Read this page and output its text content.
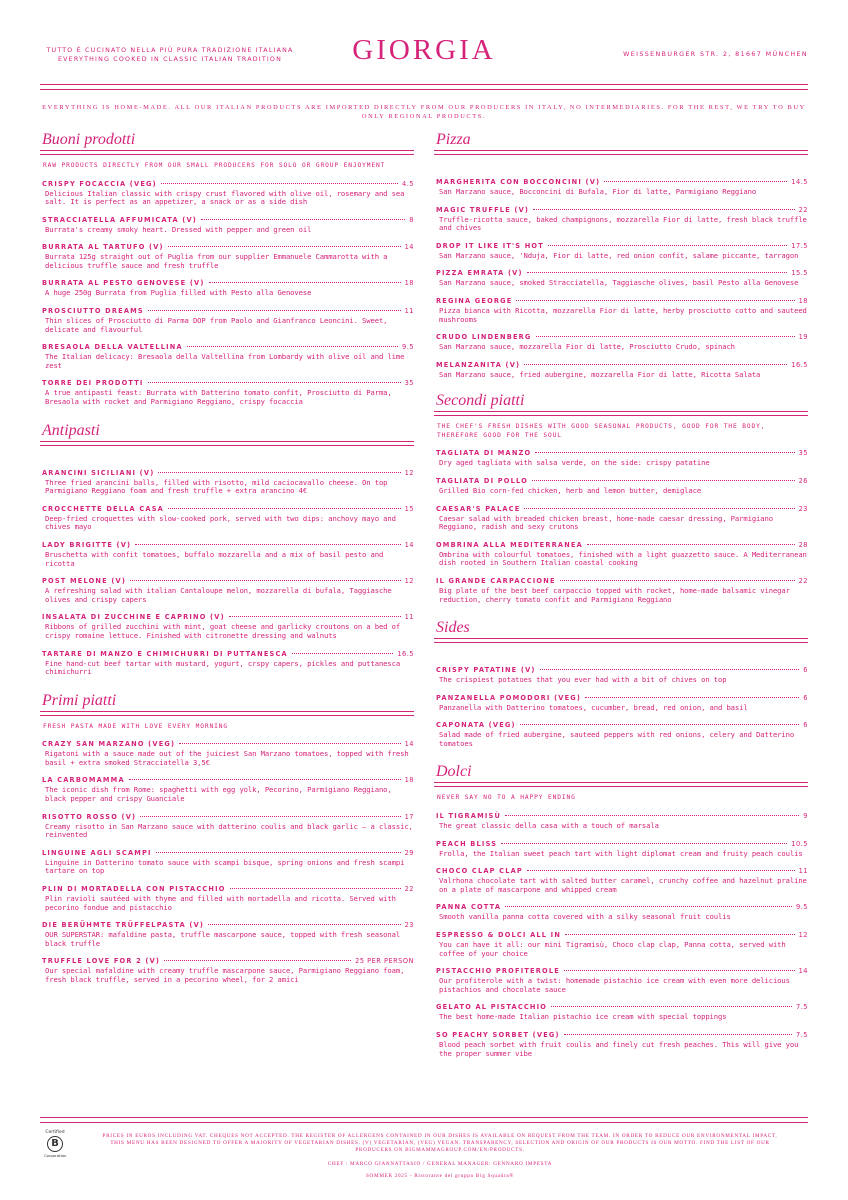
TUTTO È CUCINATO NELLA PIÙ PURA TRADIZIONE ITALIANA
EVERYTHING COOKED IN CLASSIC ITALIAN TRADITION	GIORGIA	WEISSENBURGER STR. 2, 81667 MÜNCHEN
EVERYTHING IS HOME-MADE. ALL OUR ITALIAN PRODUCTS ARE IMPORTED DIRECTLY FROM OUR PRODUCERS IN ITALY, NO INTERMEDIARIES. FOR THE REST, WE TRY TO BUY ONLY REGIONAL PRODUCTS.
Buoni prodotti
RAW PRODUCTS DIRECTLY FROM OUR SMALL PRODUCERS FOR SOLO OR GROUP ENJOYMENT
CRISPY FOCACCIA (VEG)	4.5
Delicious Italian classic with crispy crust flavored with olive oil, rosemary and sea salt. It is perfect as an appetizer, a snack or as a side dish
STRACCIATELLA AFFUMICATA (V)	8
Burrata's creamy smoky heart. Dressed with pepper and green oil
BURRATA AL TARTUFO (V)	14
Burrata 125g straight out of Puglia from our supplier Emmanuele Cammarotta with a delicious truffle sauce and fresh truffle
BURRATA AL PESTO GENOVESE (V)	18
A huge 250g Burrata from Puglia filled with Pesto alla Genovese
PROSCIUTTO DREAMS	11
Thin slices of Prosciutto di Parma DOP from Paolo and Gianfranco Leoncini. Sweet, delicate and flavourful
BRESAOLA DELLA VALTELLINA	9.5
The Italian delicacy: Bresaola della Valtellina from Lombardy with olive oil and lime zest
TORRE DEI PRODOTTI	35
A true antipasti feast: Burrata with Datterino tomato confit, Prosciutto di Parma, Bresaola with rocket and Parmigiano Reggiano, crispy focaccia
Antipasti
ARANCINI SICILIANI (V)	12
Three fried arancini balls, filled with risotto, mild caciocavallo cheese. On top Parmigiano Reggiano foam and fresh truffle + extra arancino 4€
CROCCHETTE DELLA CASA	15
Deep-fried croquettes with slow-cooked pork, served with two dips: anchovy mayo and chives mayo
LADY BRIGITTE (V)	14
Bruschetta with confit tomatoes, buffalo mozzarella and a mix of basil pesto and ricotta
POST MELONE (V)	12
A refreshing salad with italian Cantaloupe melon, mozzarella di bufala, Taggiasche olives and crispy capers
INSALATA DI ZUCCHINE E CAPRINO (V)	11
Ribbons of grilled zucchini with mint, goat cheese and garlicky croutons on a bed of crispy romaine lettuce. Finished with citronette dressing and walnuts
TARTARE DI MANZO E CHIMICHURRI DI PUTTANESCA	16.5
Fine hand-cut beef tartar with mustard, yogurt, crspy capers, pickles and puttanesca chimichurri
Primi piatti
FRESH PASTA MADE WITH LOVE EVERY MORNING
CRAZY SAN MARZANO (VEG)	14
Rigatoni with a sauce made out of the juiciest San Marzano tomatoes, topped with fresh basil + extra smoked Stracciatella 3,5€
LA CARBOMAMMA	18
The iconic dish from Rome: spaghetti with egg yolk, Pecorino, Parmigiano Reggiano, black pepper and crispy Guanciale
RISOTTO ROSSO (V)	17
Creamy risotto in San Marzano sauce with datterino coulis and black garlic – a classic, reinvented
LINGUINE AGLI SCAMPI	29
Linguine in Datterino tomato sauce with scampi bisque, spring onions and fresh scampi tartare on top
PLIN DI MORTADELLA CON PISTACCHIO	22
Plin ravioli sautéed with thyme and filled with mortadella and ricotta. Served with pecorino fondue and pistacchio
DIE BERÜHMTE TRÜFFELPASTA (V)	23
OUR SUPERSTAR: mafaldine pasta, truffle mascarpone sauce, topped with fresh seasonal black truffle
TRUFFLE LOVE FOR 2 (V)	25 PER PERSON
Our special mafaldine with creamy truffle mascarpone sauce, Parmigiano Reggiano foam, fresh black truffle, served in a pecorino wheel, for 2 amici
Pizza
MARGHERITA CON BOCCONCINI (V)	14.5
San Marzano sauce, Bocconcini di Bufala, Fior di latte, Parmigiano Reggiano
MAGIC TRUFFLE (V)	22
Truffle-ricotta sauce, baked champignons, mozzarella Fior di latte, fresh black truffle and chives
DROP IT LIKE IT'S HOT	17.5
San Marzano sauce, 'Nduja, Fior di latte, red onion confit, salame piccante, tarragon
PIZZA EMRATA (V)	15.5
San Marzano sauce, smoked Stracciatella, Taggiasche olives, basil Pesto alla Genovese
REGINA GEORGE	18
Pizza bianca with Ricotta, mozzarella Fior di latte, herby prosciutto cotto and sauteed mushrooms
CRUDO LINDENBERG	19
San Marzano sauce, mozzarella Fior di latte, Prosciutto Crudo, spinach
MELANZANITA (V)	16.5
San Marzano sauce, fried aubergine, mozzarella Fior di latte, Ricotta Salata
Secondi piatti
THE CHEF'S FRESH DISHES WITH GOOD SEASONAL PRODUCTS, GOOD FOR THE BODY, THEREFORE GOOD FOR THE SOUL
TAGLIATA DI MANZO	35
Dry aged tagliata with salsa verde, on the side: crispy patatine
TAGLIATA DI POLLO	26
Grilled Bio corn-fed chicken, herb and lemon butter, demiglace
CAESAR'S PALACE	23
Caesar salad with breaded chicken breast, home-made caesar dressing, Parmigiano Reggiano, radish and sexy crutons
OMBRINA ALLA MEDITERRANEA	28
Ombrina with colourful tomatoes, finished with a light guazzetto sauce. A Mediterranean dish rooted in Southern Italian coastal cooking
IL GRANDE CARPACCIONE	22
Big plate of the best beef carpaccio topped with rocket, home-made balsamic vinegar reduction, cherry tomato confit and Parmigiano Reggiano
Sides
CRISPY PATATINE (V)	6
The crispiest potatoes that you ever had with a bit of chives on top
PANZANELLA POMODORI (VEG)	6
Panzanella with Datterino tomatoes, cucumber, bread, red onion, and basil
CAPONATA (VEG)	6
Salad made of fried aubergine, sauteed peppers with red onions, celery and Datterino tomatoes
Dolci
NEVER SAY NO TO A HAPPY ENDING
IL TIGRAMISÙ	9
The great classic della casa with a touch of marsala
PEACH BLISS	10.5
Frolla, the Italian sweet peach tart with light diplomat cream and fruity peach coulis
CHOCO CLAP CLAP	11
Valrhona chocolate tart with salted butter caramel, crunchy coffee and hazelnut praline on a plate of mascarpone and whipped cream
PANNA COTTA	9.5
Smooth vanilla panna cotta covered with a silky seasonal fruit coulis
ESPRESSO & DOLCI ALL IN	12
You can have it all: our mini Tigramisù, Choco clap clap, Panna cotta, served with coffee of your choice
PISTACCHIO PROFITEROLE	14
Our profiterole with a twist: homemade pistachio ice cream with even more delicious pistachios and chocolate sauce
GELATO AL PISTACCHIO	7.5
The best home-made Italian pistachio ice cream with special toppings
SO PEACHY SORBET (VEG)	7.5
Blood peach sorbet with fruit coulis and finely cut fresh peaches. This will give you the proper summer vibe
Certified
B
Corporation
PRICES IN EUROS INCLUDING VAT. CHEQUES NOT ACCEPTED. THE REGISTER OF ALLERGENS CONTAINED IN OUR DISHES IS AVAILABLE ON REQUEST FROM THE TEAM. IN ORDER TO REDUCE OUR ENVIRONMENTAL IMPACT, THIS MENU HAS BEEN DESIGNED TO OFFER A MAJORITY OF VEGETARIAN DISHES. (V) VEGETARIAN, (VEG) VEGAN. TRANSPARENCY, SELECTION AND ORIGIN OF OUR PRODUCTS IS OUR MOTTO. FIND THE LIST OF OUR PRODUCERS ON BIGMAMMAGROUP.COM/EN/PRODUCTS.
CHEF : MARCO GIANNATTASIO / GENERAL MANAGER: GENNARO IMPESTA
SOMMER 2025 - Ristorante del gruppo Big Squadra®
